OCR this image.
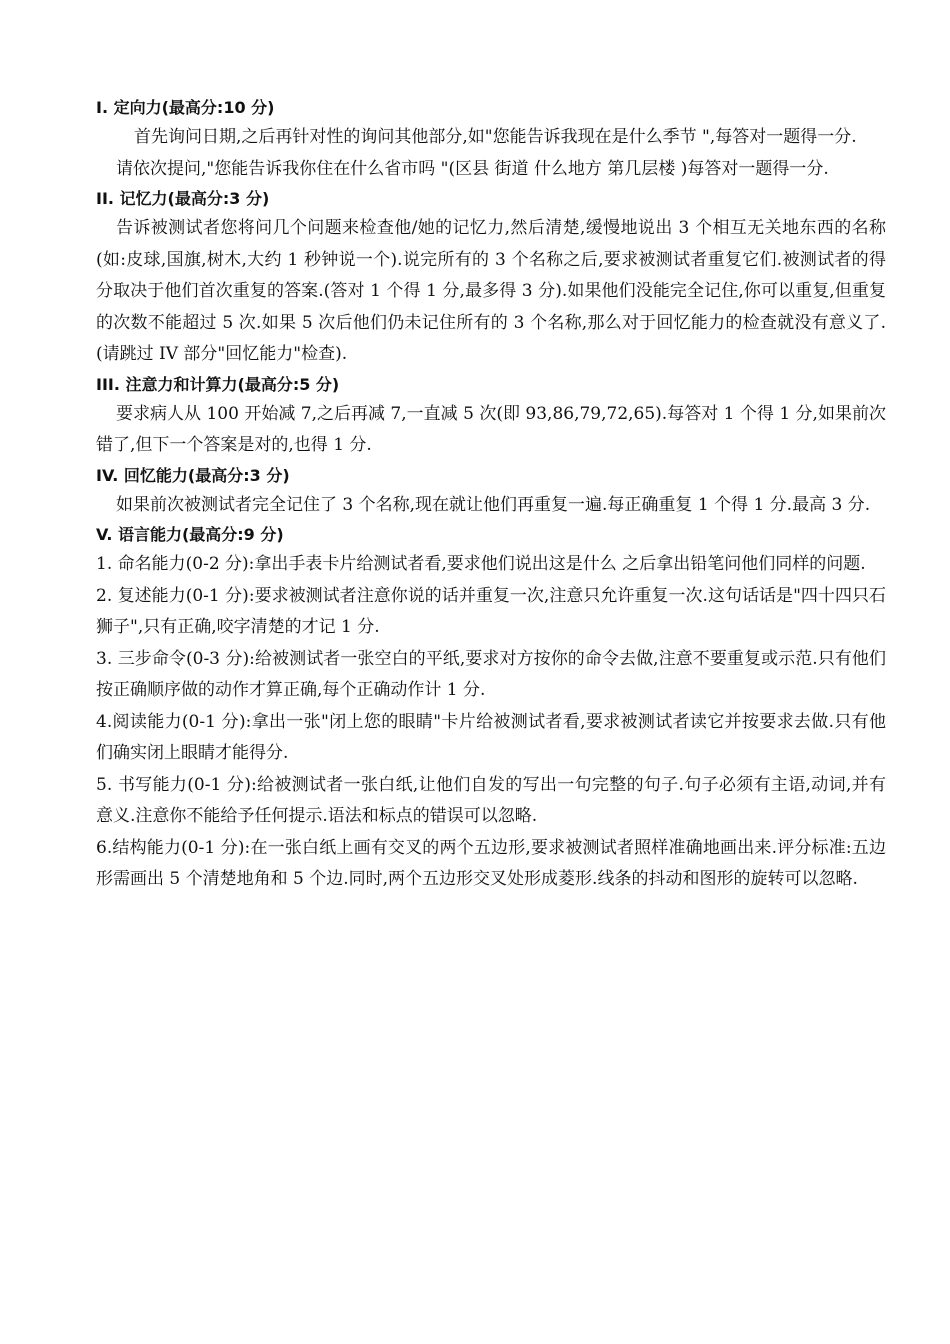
I. 定向力(最高分:10 分)

首先询问日期,之后再针对性的询问其他部分,如"您能告诉我现在是什么季节 ",每答对一题得一分.

请依次提问,"您能告诉我你住在什么省市吗 "(区县 街道 什么地方 第几层楼 )每答对一题得一分.

II. 记忆力(最高分:3 分)

告诉被测试者您将问几个问题来检查他/她的记忆力,然后清楚,缓慢地说出 3 个相互无关地东西的名称(如:皮球,国旗,树木,大约 1 秒钟说一个).说完所有的 3 个名称之后,要求被测试者重复它们.被测试者的得分取决于他们首次重复的答案.(答对 1 个得 1 分,最多得 3 分).如果他们没能完全记住,你可以重复,但重复的次数不能超过 5 次.如果 5 次后他们仍未记住所有的 3 个名称,那么对于回忆能力的检查就没有意义了.(请跳过 IV 部分"回忆能力"检查).

III. 注意力和计算力(最高分:5 分)

要求病人从 100 开始减 7,之后再减 7,一直减 5 次(即 93,86,79,72,65).每答对 1 个得 1 分,如果前次错了,但下一个答案是对的,也得 1 分.

IV. 回忆能力(最高分:3 分)

如果前次被测试者完全记住了 3 个名称,现在就让他们再重复一遍.每正确重复 1 个得 1 分.最高 3 分.

V. 语言能力(最高分:9 分)

1. 命名能力(0-2 分):拿出手表卡片给测试者看,要求他们说出这是什么 之后拿出铅笔问他们同样的问题.

2. 复述能力(0-1 分):要求被测试者注意你说的话并重复一次,注意只允许重复一次.这句话话是"四十四只石狮子",只有正确,咬字清楚的才记 1 分.

3. 三步命令(0-3 分):给被测试者一张空白的平纸,要求对方按你的命令去做,注意不要重复或示范.只有他们按正确顺序做的动作才算正确,每个正确动作计 1 分.

4.阅读能力(0-1 分):拿出一张"闭上您的眼睛"卡片给被测试者看,要求被测试者读它并按要求去做.只有他们确实闭上眼睛才能得分.

5. 书写能力(0-1 分):给被测试者一张白纸,让他们自发的写出一句完整的句子.句子必须有主语,动词,并有意义.注意你不能给予任何提示.语法和标点的错误可以忽略.

6.结构能力(0-1 分):在一张白纸上画有交叉的两个五边形,要求被测试者照样准确地画出来.评分标准:五边形需画出 5 个清楚地角和 5 个边.同时,两个五边形交叉处形成菱形.线条的抖动和图形的旋转可以忽略.
